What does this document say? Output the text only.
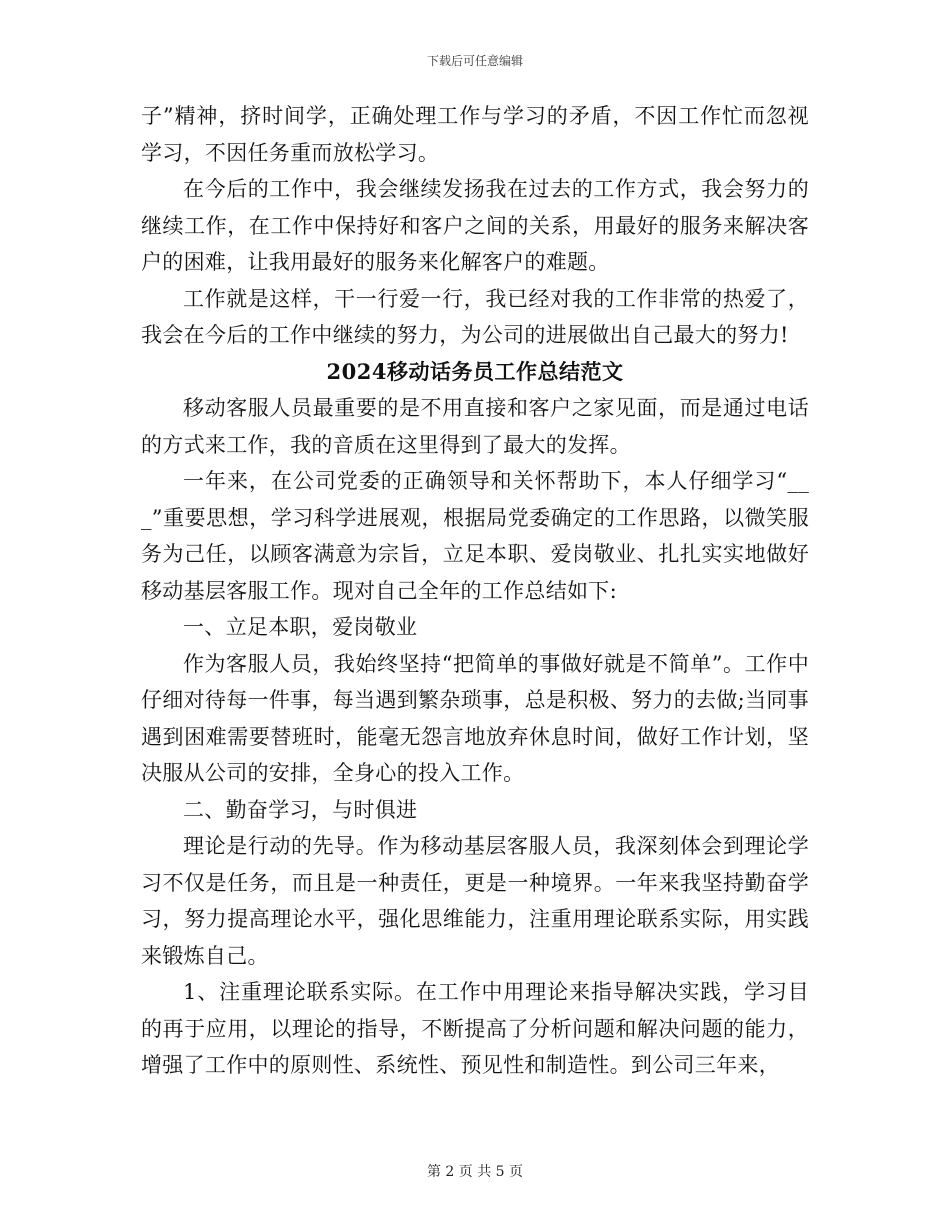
下载后可任意编辑

子”精神，挤时间学，正确处理工作与学习的矛盾，不因工作忙而忽视学习，不因任务重而放松学习。

在今后的工作中，我会继续发扬我在过去的工作方式，我会努力的继续工作，在工作中保持好和客户之间的关系，用最好的服务来解决客户的困难，让我用最好的服务来化解客户的难题。

工作就是这样，干一行爱一行，我已经对我的工作非常的热爱了，我会在今后的工作中继续的努力，为公司的进展做出自己最大的努力!

2024移动话务员工作总结范文

移动客服人员最重要的是不用直接和客户之家见面，而是通过电话的方式来工作，我的音质在这里得到了最大的发挥。

一年来，在公司党委的正确领导和关怀帮助下，本人仔细学习“___”重要思想，学习科学进展观，根据局党委确定的工作思路，以微笑服务为己任，以顾客满意为宗旨，立足本职、爱岗敬业、扎扎实实地做好移动基层客服工作。现对自己全年的工作总结如下:

一、立足本职，爱岗敬业

作为客服人员，我始终坚持“把简单的事做好就是不简单”。工作中仔细对待每一件事，每当遇到繁杂琐事，总是积极、努力的去做;当同事遇到困难需要替班时，能毫无怨言地放弃休息时间，做好工作计划，坚决服从公司的安排，全身心的投入工作。

二、勤奋学习，与时俱进

理论是行动的先导。作为移动基层客服人员，我深刻体会到理论学习不仅是任务，而且是一种责任，更是一种境界。一年来我坚持勤奋学习，努力提高理论水平，强化思维能力，注重用理论联系实际，用实践来锻炼自己。

1、注重理论联系实际。在工作中用理论来指导解决实践，学习目的再于应用，以理论的指导，不断提高了分析问题和解决问题的能力，增强了工作中的原则性、系统性、预见性和制造性。到公司三年来，

第 2 页 共 5 页
